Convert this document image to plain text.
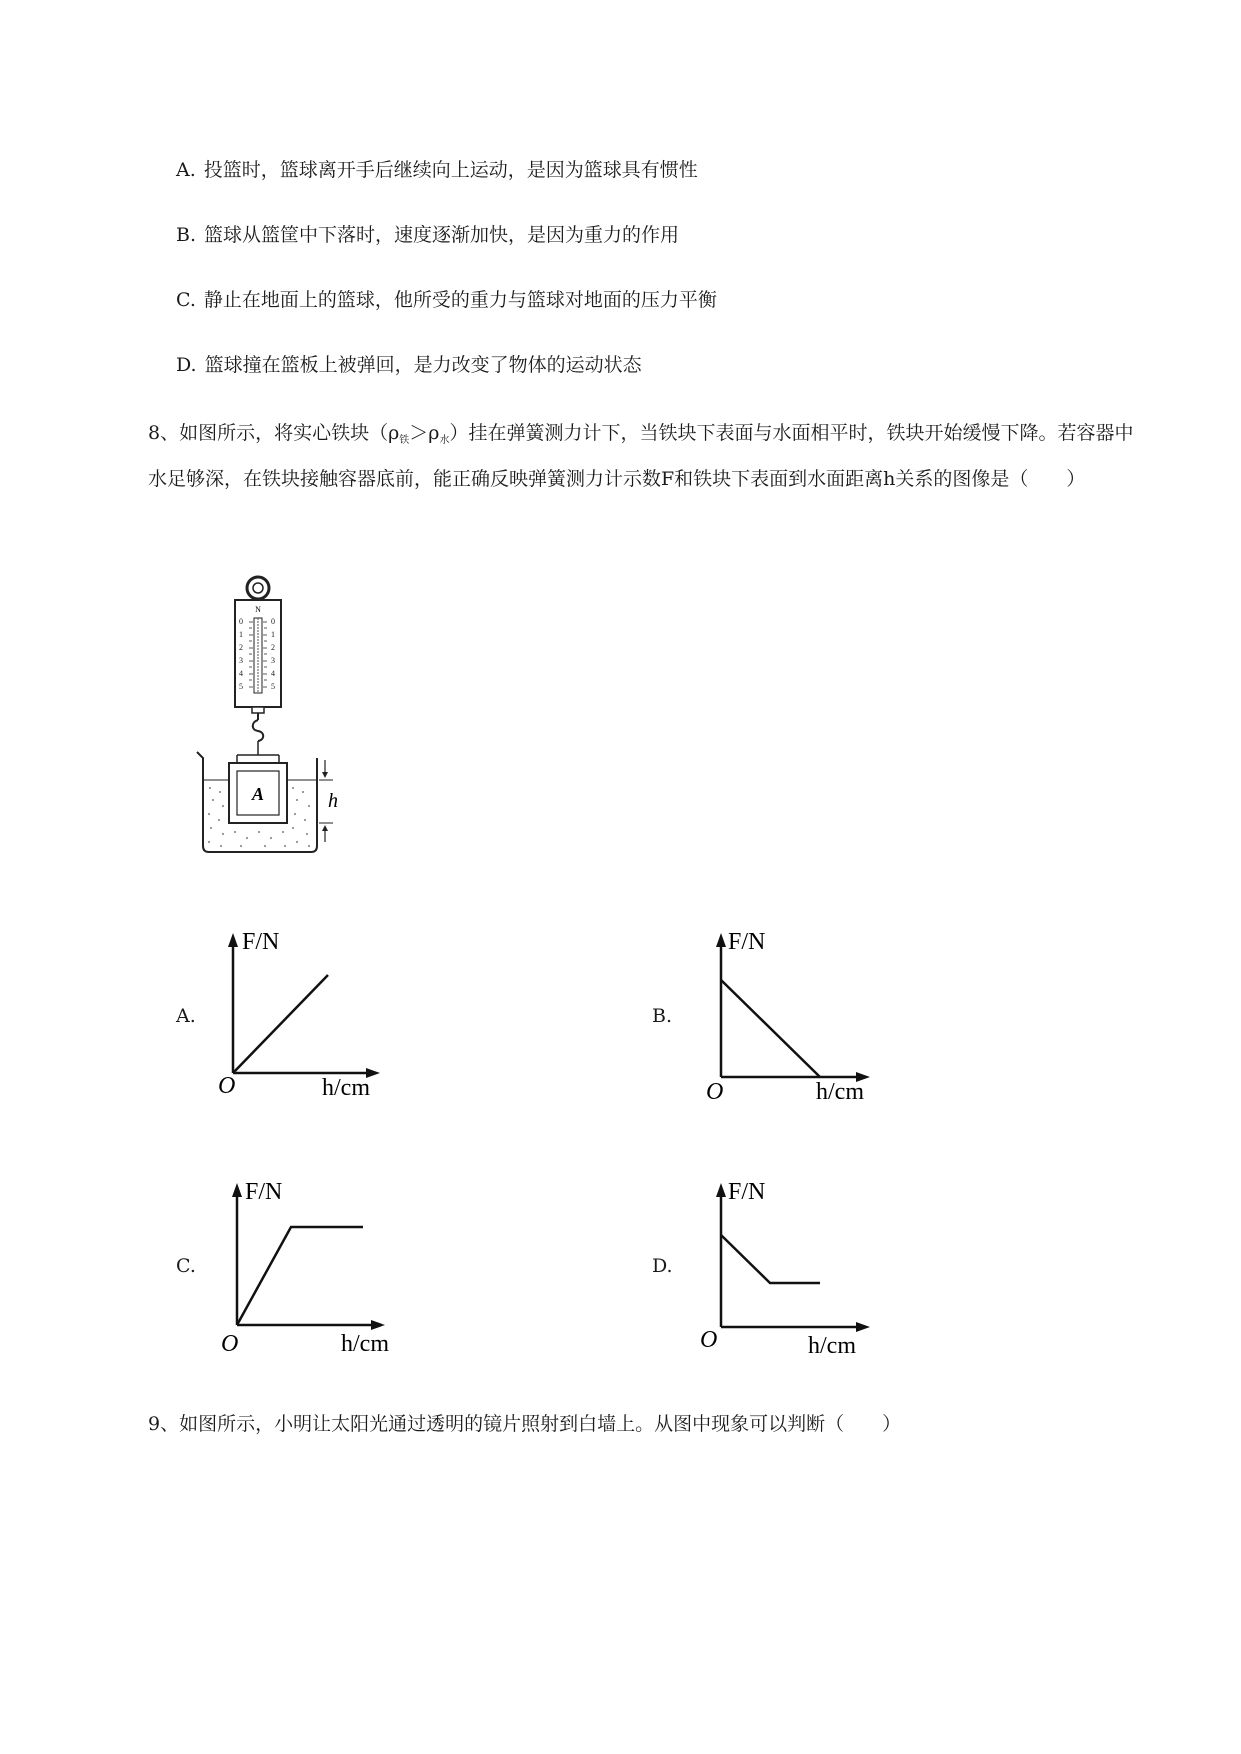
A. 投篮时，篮球离开手后继续向上运动，是因为篮球具有惯性
B. 篮球从篮筐中下落时，速度逐渐加快，是因为重力的作用
C. 静止在地面上的篮球，他所受的重力与篮球对地面的压力平衡
D. 篮球撞在篮板上被弹回，是力改变了物体的运动状态
8、如图所示，将实心铁块$(\rho_铁>\rho_水)$挂在弹簧测力计下，当铁块下表面与水面相平时，铁块开始缓慢下降。若容器中水足够深，在铁块接触容器底前，能正确反映弹簧测力计示数F和铁块下表面到水面距离h关系的图像是（　　）
N
0
1
2
3
4
5
0
1
2
3
4
5
A	h
A.
F/N
O	h/cm
B.
F/N
O	h/cm
C.
F/N
O	h/cm
D.
F/N
O	h/cm
9、如图所示，小明让太阳光通过透明的镜片照射到白墙上。从图中现象可以判断（　　）
